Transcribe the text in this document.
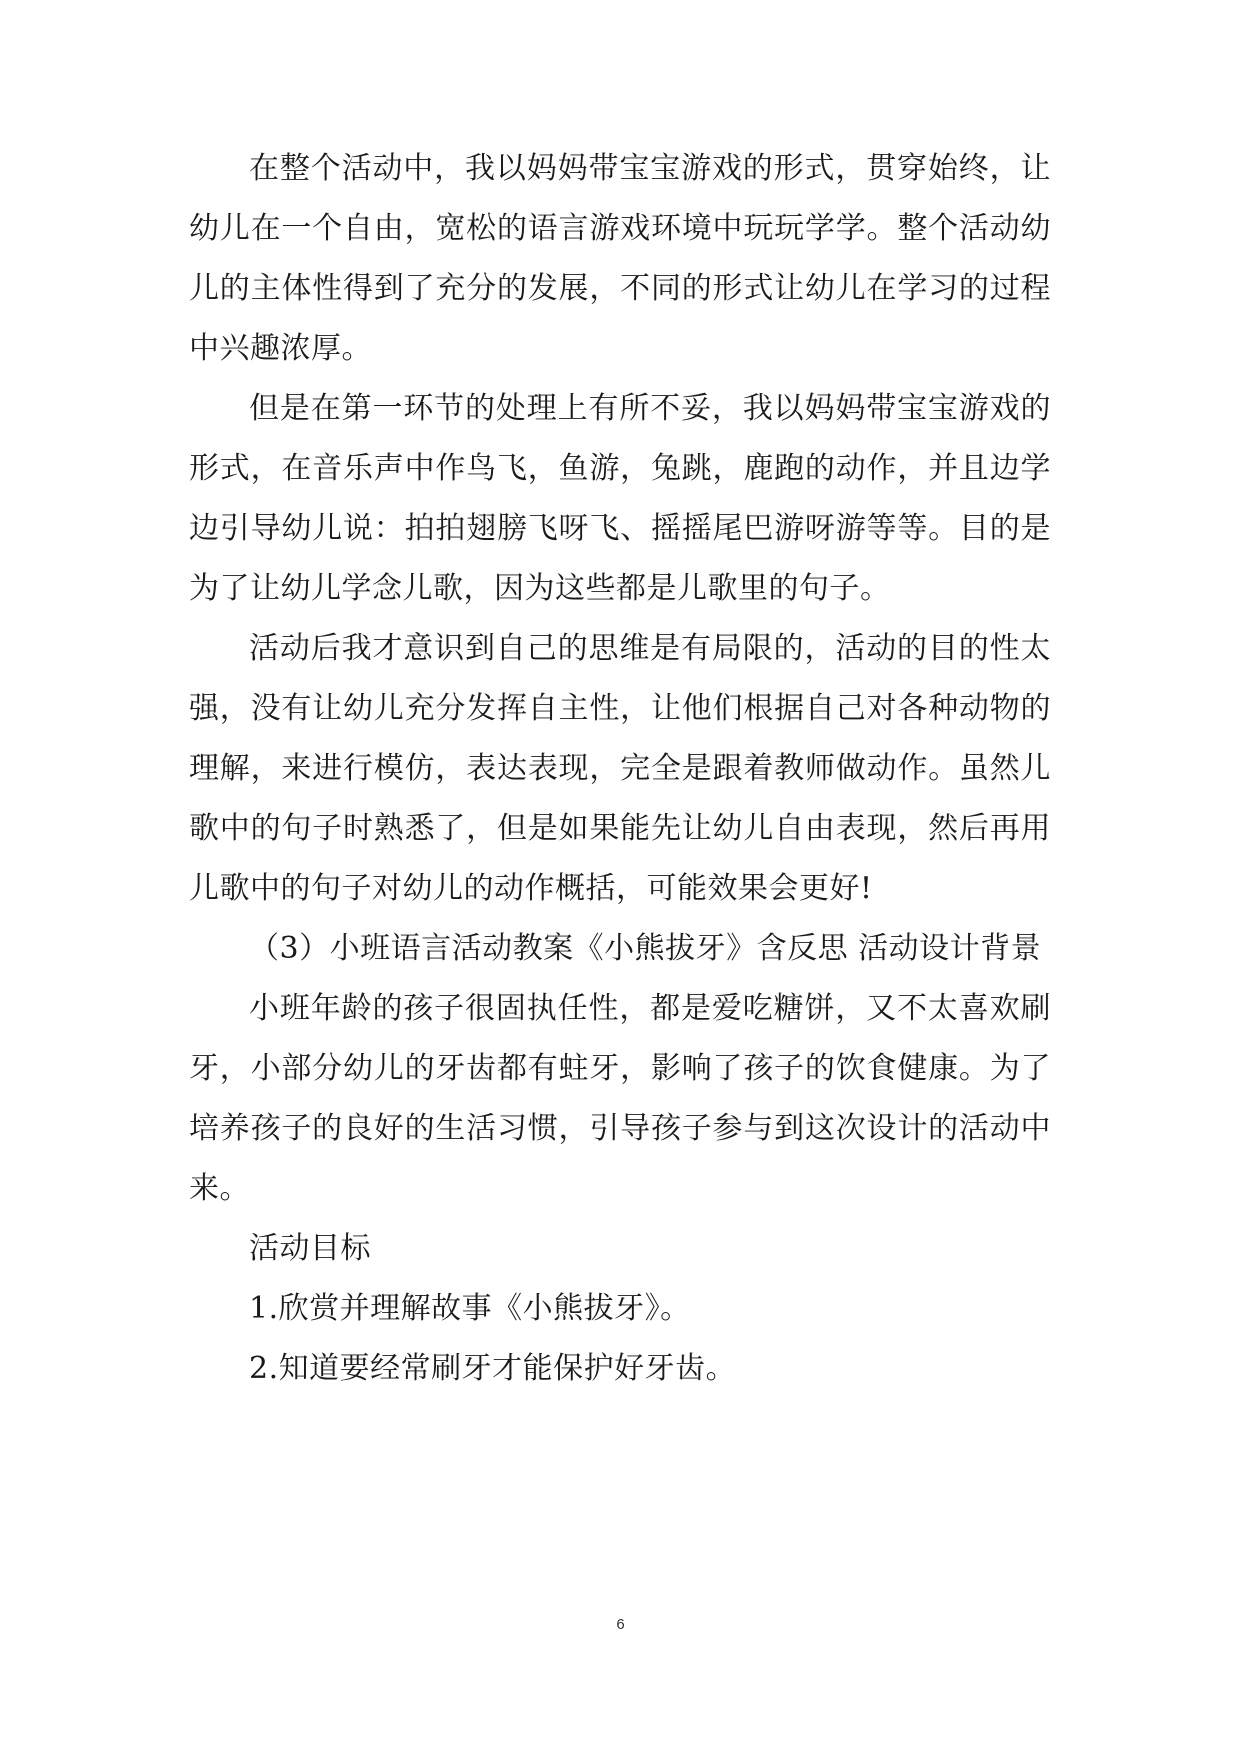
在整个活动中，我以妈妈带宝宝游戏的形式，贯穿始终，让幼儿在一个自由，宽松的语言游戏环境中玩玩学学。整个活动幼儿的主体性得到了充分的发展，不同的形式让幼儿在学习的过程中兴趣浓厚。

但是在第一环节的处理上有所不妥，我以妈妈带宝宝游戏的形式，在音乐声中作鸟飞，鱼游，兔跳，鹿跑的动作，并且边学边引导幼儿说：拍拍翅膀飞呀飞、摇摇尾巴游呀游等等。目的是为了让幼儿学念儿歌，因为这些都是儿歌里的句子。

活动后我才意识到自己的思维是有局限的，活动的目的性太强，没有让幼儿充分发挥自主性，让他们根据自己对各种动物的理解，来进行模仿，表达表现，完全是跟着教师做动作。虽然儿歌中的句子时熟悉了，但是如果能先让幼儿自由表现，然后再用儿歌中的句子对幼儿的动作概括，可能效果会更好!

（3）小班语言活动教案《小熊拔牙》含反思 活动设计背景

小班年龄的孩子很固执任性，都是爱吃糖饼，又不太喜欢刷牙，小部分幼儿的牙齿都有蛀牙，影响了孩子的饮食健康。为了培养孩子的良好的生活习惯，引导孩子参与到这次设计的活动中来。

活动目标

1.欣赏并理解故事《小熊拔牙》。

2.知道要经常刷牙才能保护好牙齿。

6
